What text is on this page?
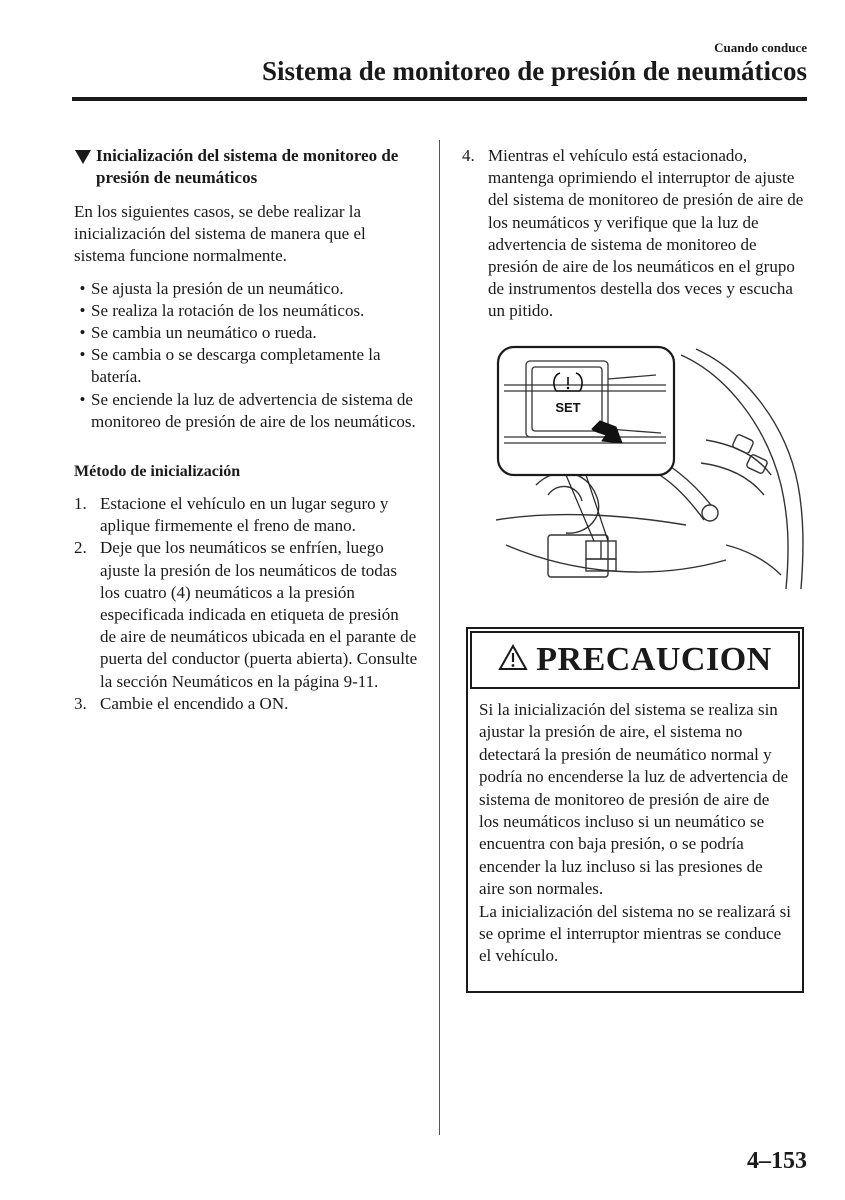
Cuando conduce
Sistema de monitoreo de presión de neumáticos
Inicialización del sistema de monitoreo de presión de neumáticos

En los siguientes casos, se debe realizar la inicialización del sistema de manera que el sistema funcione normalmente.

• Se ajusta la presión de un neumático.
• Se realiza la rotación de los neumáticos.
• Se cambia un neumático o rueda.
• Se cambia o se descarga completamente la batería.
• Se enciende la luz de advertencia de sistema de monitoreo de presión de aire de los neumáticos.
Método de inicialización
1. Estacione el vehículo en un lugar seguro y aplique firmemente el freno de mano.
2. Deje que los neumáticos se enfríen, luego ajuste la presión de los neumáticos de todas los cuatro (4) neumáticos a la presión especificada indicada en etiqueta de presión de aire de neumáticos ubicada en el parante de puerta del conductor (puerta abierta). Consulte la sección Neumáticos en la página 9-11.
3. Cambie el encendido a ON.
4. Mientras el vehículo está estacionado, mantenga oprimiendo el interruptor de ajuste del sistema de monitoreo de presión de aire de los neumáticos y verifique que la luz de advertencia de sistema de monitoreo de presión de aire de los neumáticos en el grupo de instrumentos destella dos veces y escucha un pitido.
SET
PRECAUCION

Si la inicialización del sistema se realiza sin ajustar la presión de aire, el sistema no detectará la presión de neumático normal y podría no encenderse la luz de advertencia de sistema de monitoreo de presión de aire de los neumáticos incluso si un neumático se encuentra con baja presión, o se podría encender la luz incluso si las presiones de aire son normales.

La inicialización del sistema no se realizará si se oprime el interruptor mientras se conduce el vehículo.

4–153
